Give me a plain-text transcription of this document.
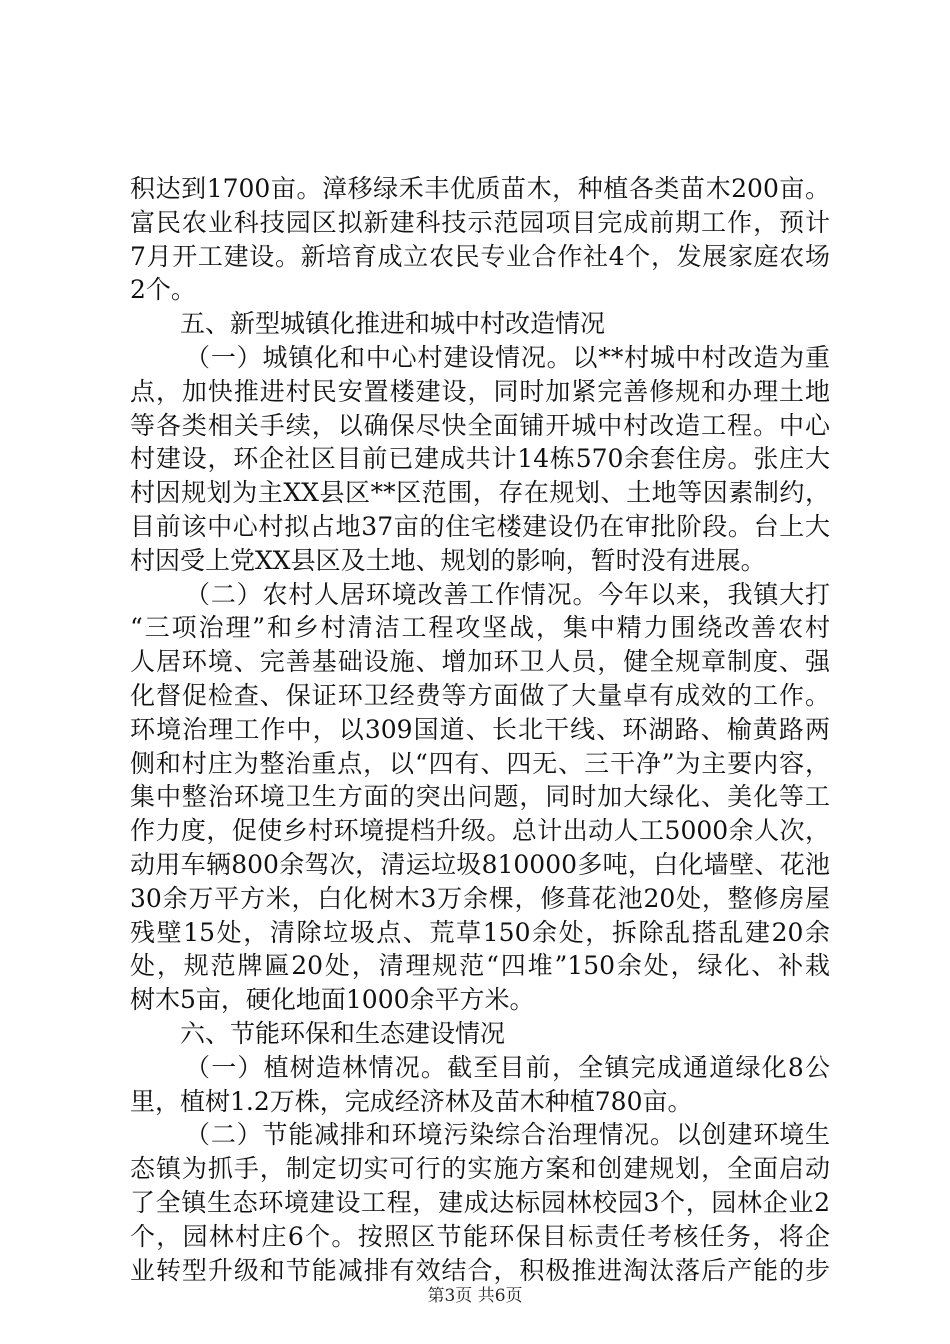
积达到1700亩。漳移绿禾丰优质苗木，种植各类苗木200亩。
富民农业科技园区拟新建科技示范园项目完成前期工作，预计
7月开工建设。新培育成立农民专业合作社4个，发展家庭农场
2个。
五、新型城镇化推进和城中村改造情况
（一）城镇化和中心村建设情况。以**村城中村改造为重
点，加快推进村民安置楼建设，同时加紧完善修规和办理土地
等各类相关手续，以确保尽快全面铺开城中村改造工程。中心
村建设，环企社区目前已建成共计14栋570余套住房。张庄大
村因规划为主XX县区**区范围，存在规划、土地等因素制约，
目前该中心村拟占地37亩的住宅楼建设仍在审批阶段。台上大
村因受上党XX县区及土地、规划的影响，暂时没有进展。
（二）农村人居环境改善工作情况。今年以来，我镇大打
“三项治理”和乡村清洁工程攻坚战，集中精力围绕改善农村
人居环境、完善基础设施、增加环卫人员，健全规章制度、强
化督促检查、保证环卫经费等方面做了大量卓有成效的工作。
环境治理工作中，以309国道、长北干线、环湖路、榆黄路两
侧和村庄为整治重点，以“四有、四无、三干净”为主要内容，
集中整治环境卫生方面的突出问题，同时加大绿化、美化等工
作力度，促使乡村环境提档升级。总计出动人工5000余人次，
动用车辆800余驾次，清运垃圾810000多吨，白化墙壁、花池
30余万平方米，白化树木3万余棵，修葺花池20处，整修房屋
残壁15处，清除垃圾点、荒草150余处，拆除乱搭乱建20余
处，规范牌匾20处，清理规范“四堆”150余处，绿化、补栽
树木5亩，硬化地面1000余平方米。
六、节能环保和生态建设情况
（一）植树造林情况。截至目前，全镇完成通道绿化8公
里，植树1.2万株，完成经济林及苗木种植780亩。
（二）节能减排和环境污染综合治理情况。以创建环境生
态镇为抓手，制定切实可行的实施方案和创建规划，全面启动
了全镇生态环境建设工程，建成达标园林校园3个，园林企业2
个，园林村庄6个。按照区节能环保目标责任考核任务，将企
业转型升级和节能减排有效结合，积极推进淘汰落后产能的步
第3页 共6页
